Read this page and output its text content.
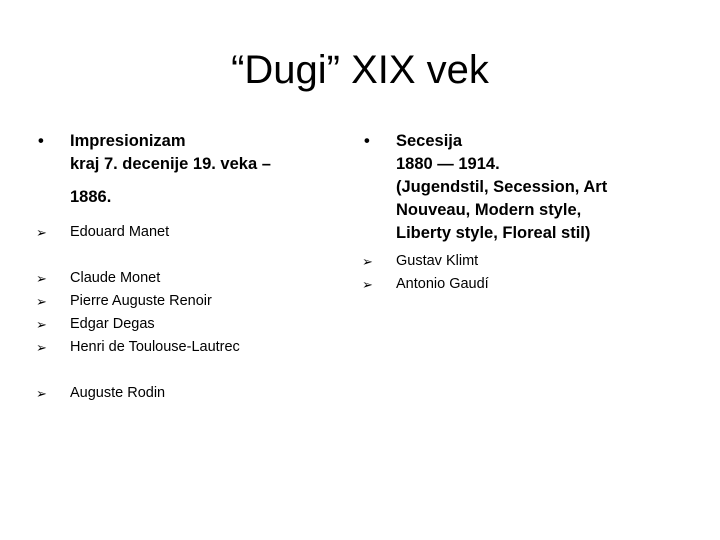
“Dugi” XIX vek
• Impresionizam
kraj 7. decenije 19. veka –
1886.
➢ Edouard Manet
➢ Claude Monet
➢ Pierre Auguste Renoir
➢ Edgar Degas
➢ Henri de Toulouse-Lautrec
➢ Auguste Rodin
• Secesija
1880 — 1914.
(Jugendstil, Secession, Art
Nouveau, Modern style,
Liberty style, Floreal stil)
➢ Gustav Klimt
➢ Antonio Gaudí
